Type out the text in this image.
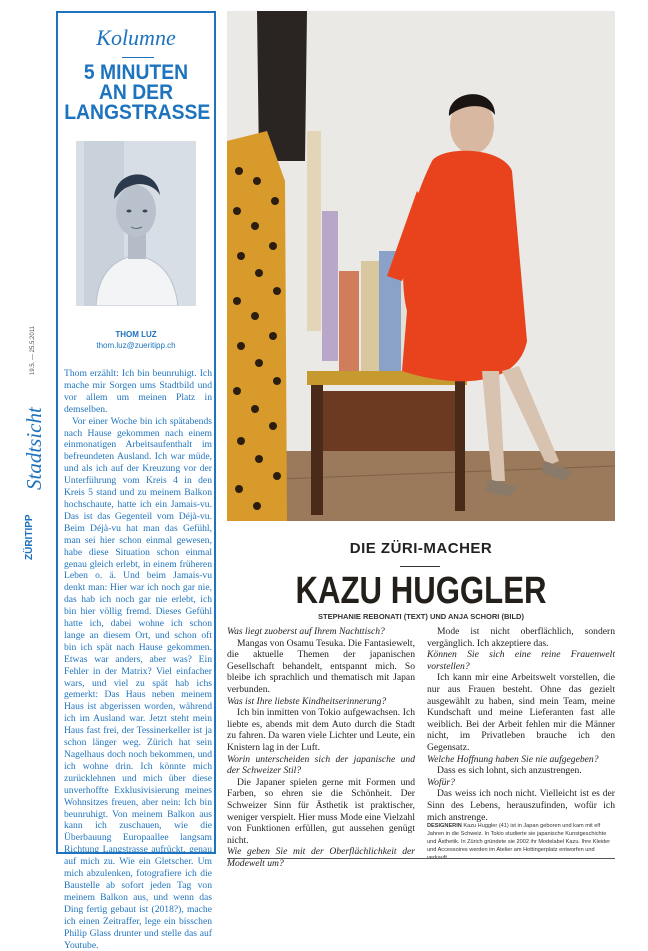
ZÜRITIPP
Stadtsicht
19.5. — 25.5.2011
Kolumne
5 MINUTEN
AN DER
LANGSTRASSE
THOM LUZ
thom.luz@zueritipp.ch

Thom erzählt: Ich bin beunruhigt. Ich mache mir Sorgen ums Stadtbild und vor allem um meinen Platz in demselben.

Vor einer Woche bin ich spätabends nach Hause gekommen nach einem einmonatigen Arbeitsaufenthalt im befreundeten Ausland. Ich war müde, und als ich auf der Kreuzung vor der Unterführung vom Kreis 4 in den Kreis 5 stand und zu meinem Balkon hochschaute, hatte ich ein Jamais-vu. Das ist das Gegenteil vom Déjà-vu. Beim Déjà-vu hat man das Gefühl, man sei hier schon einmal gewesen, habe diese Situation schon einmal genau gleich erlebt, in einem früheren Leben o. ä. Und beim Jamais-vu denkt man: Hier war ich noch gar nie, das hab ich noch gar nie erlebt, ich bin hier völlig fremd. Dieses Gefühl hatte ich, dabei wohne ich schon lange an diesem Ort, und schon oft bin ich spät nach Hause gekommen. Etwas war anders, aber was? Ein Fehler in der Matrix? Viel einfacher wars, und viel zu spät hab ichs gemerkt: Das Haus neben meinem Haus ist abgerissen worden, während ich im Ausland war. Jetzt steht mein Haus fast frei, der Tessinerkeller ist ja schon länger weg. Zürich hat sein Nagelhaus doch noch bekommen, und ich wohne drin. Ich könnte mich zurücklehnen und mich über diese unverhoffte Exklusivisierung meines Wohnsitzes freuen, aber nein: Ich bin beunruhigt. Von meinem Balkon aus kann ich zuschauen, wie die Überbauung Europaallee langsam Richtung Langstrasse aufrückt, genau auf mich zu. Wie ein Gletscher. Um mich abzulenken, fotografiere ich die Baustelle ab sofort jeden Tag von meinem Balkon aus, und wenn das Ding fertig gebaut ist (2018?), mache ich einen Zeitraffer, lege ein bisschen Philip Glass drunter und stelle das auf Youtube.

DIE ZÜRI-MACHER
KAZU HUGGLER
STEPHANIE REBONATI (TEXT) UND ANJA SCHORI (BILD)

Was liegt zuoberst auf Ihrem Nachttisch?

Mangas von Osamu Tesuka. Die Fantasiewelt, die aktuelle Themen der japanischen Gesellschaft behandelt, entspannt mich. So bleibe ich sprachlich und thematisch mit Japan verbunden.

Was ist Ihre liebste Kindheitserinnerung?

Ich bin inmitten von Tokio aufgewachsen. Ich liebte es, abends mit dem Auto durch die Stadt zu fahren. Da waren viele Lichter und Leute, ein Knistern lag in der Luft.

Worin unterscheiden sich der japanische und der Schweizer Stil?

Die Japaner spielen gerne mit Formen und Farben, so ehren sie die Schönheit. Der Schweizer Sinn für Ästhetik ist praktischer, weniger verspielt. Hier muss Mode eine Vielzahl von Funktionen erfüllen, gut aussehen genügt nicht.

Wie geben Sie mit der Oberflächlichkeit der Modewelt um?

Mode ist nicht oberflächlich, sondern vergänglich. Ich akzeptiere das.

Können Sie sich eine reine Frauenwelt vorstellen?

Ich kann mir eine Arbeitswelt vorstellen, die nur aus Frauen besteht. Ohne das gezielt ausgewählt zu haben, sind mein Team, meine Kundschaft und meine Lieferanten fast alle weiblich. Bei der Arbeit fehlen mir die Männer nicht, im Privatleben brauche ich den Gegensatz.

Welche Hoffnung haben Sie nie aufgegeben?

Dass es sich lohnt, sich anzustrengen.

Wofür?

Das weiss ich noch nicht. Vielleicht ist es der Sinn des Lebens, herauszufinden, wofür ich mich anstrenge.

DESIGNERIN Kazu Huggler (41) ist in Japan geboren und kam mit elf Jahren in die Schweiz. In Tokio studierte sie japanische Kunstgeschichte und Ästhetik. In Zürich gründete sie 2002 ihr Modelabel Kazu. Ihre Kleider und Accessoires werden im Atelier am Hottingerplatz entworfen und verkauft.
